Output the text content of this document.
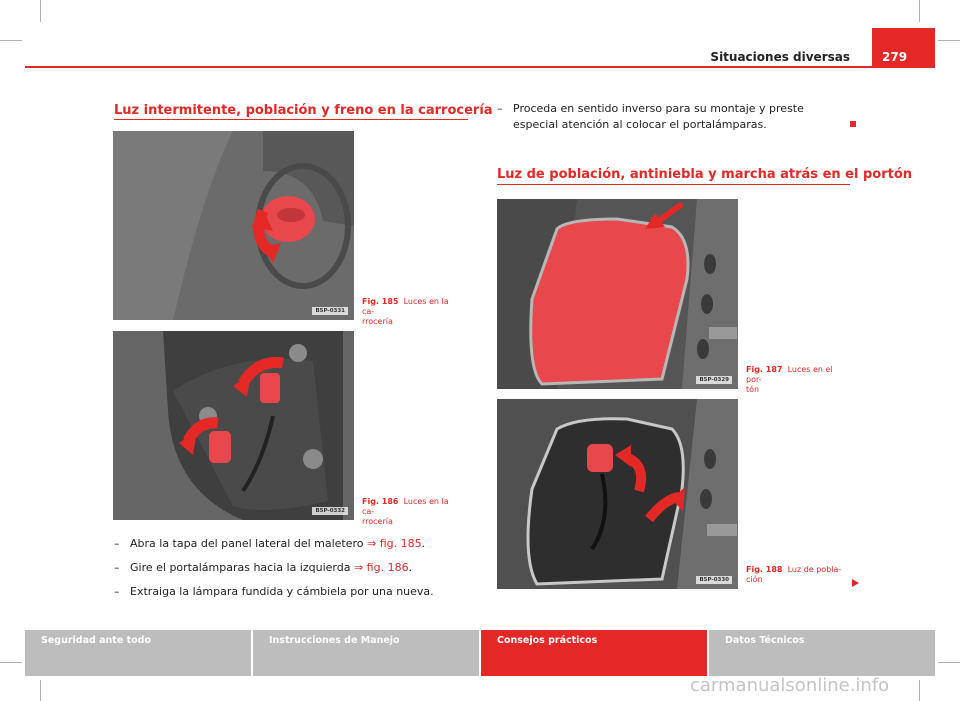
Situaciones diversas	279
Luz intermitente, población y freno en la carrocería
B5P-0331
Fig. 185 Luces en la ca-
rrocería
B5P-0332
Fig. 186 Luces en la ca-
rrocería
– Abra la tapa del panel lateral del maletero ⇒ fig. 185.
– Gire el portalámparas hacia la izquierda ⇒ fig. 186.
– Extraiga la lámpara fundida y cámbiela por una nueva.
– Proceda en sentido inverso para su montaje y preste especial atención al colocar el portalámparas.
Luz de población, antiniebla y marcha atrás en el portón
B5P-0329
Fig. 187 Luces en el por-
tón
B5P-0330
Fig. 188 Luz de pobla-
ción
Seguridad ante todo	Instrucciones de Manejo	Consejos prácticos	Datos Técnicos
carmanualsonline.info
